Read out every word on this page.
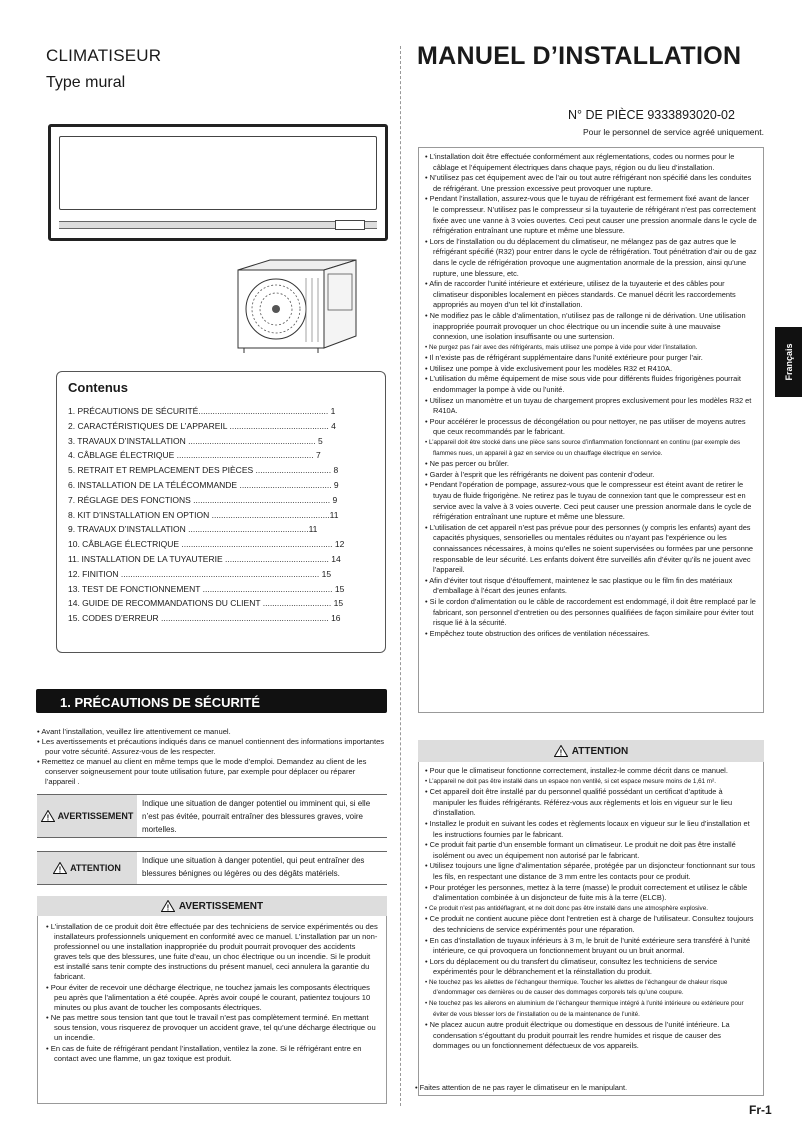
CLIMATISEUR
Type mural
MANUEL D’INSTALLATION
N° DE PIÈCE 9333893020-02
Pour le personnel de service agréé uniquement.
Contenus
1. PRÉCAUTIONS DE SÉCURITÉ....................................................... 1
2. CARACTÉRISTIQUES DE L’APPAREIL .......................................... 4
3. TRAVAUX D’INSTALLATION ...................................................... 5
4. CÂBLAGE ÉLECTRIQUE .......................................................... 7
5. RETRAIT ET REMPLACEMENT DES PIÈCES ................................ 8
6. INSTALLATION DE LA TÉLÉCOMMANDE ....................................... 9
7. RÉGLAGE DES FONCTIONS .......................................................... 9
8. KIT D’INSTALLATION EN OPTION ..................................................11
9. TRAVAUX D’INSTALLATION ...................................................11
10. CÂBLAGE ÉLECTRIQUE ................................................................ 12
11. INSTALLATION DE LA TUYAUTERIE ............................................ 14
12. FINITION .................................................................................... 15
13. TEST DE FONCTIONNEMENT ....................................................... 15
14. GUIDE DE RECOMMANDATIONS DU CLIENT ............................. 15
15. CODES D’ERREUR ....................................................................... 16
1. PRÉCAUTIONS DE SÉCURITÉ

• Avant l’installation, veuillez lire attentivement ce manuel.

• Les avertissements et précautions indiqués dans ce manuel contiennent des informations importantes pour votre sécurité. Assurez-vous de les respecter.

• Remettez ce manuel au client en même temps que le mode d’emploi. Demandez au client de les conserver soigneusement pour toute utilisation future, par exemple pour déplacer ou réparer l’appareil .

! AVERTISSEMENT
Indique une situation de danger potentiel ou imminent qui, si elle n’est pas évitée, pourrait entraîner des blessures graves, voire mortelles.
! ATTENTION
Indique une situation à danger potentiel, qui peut entraîner des blessures bénignes ou légères ou des dégâts matériels.
! AVERTISSEMENT

• L’installation de ce produit doit être effectuée par des techniciens de service expérimentés ou des installateurs professionnels uniquement en conformité avec ce manuel. L’installation par un non-professionnel ou une installation inappropriée du produit pourrait provoquer des accidents graves tels que des blessures, une fuite d’eau, un choc électrique ou un incendie. Si le produit est installé sans tenir compte des instructions du présent manuel, ceci annulera la garantie du fabricant.

• Pour éviter de recevoir une décharge électrique, ne touchez jamais les composants électriques peu après que l’alimentation a été coupée. Après avoir coupé le courant, patientez toujours 10 minutes ou plus avant de toucher les composants électriques.

• Ne pas mettre sous tension tant que tout le travail n’est pas complètement terminé. En mettant sous tension, vous risquerez de provoquer un accident grave, tel qu’une décharge électrique ou un incendie.

• En cas de fuite de réfrigérant pendant l’installation, ventilez la zone. Si le réfrigérant entre en contact avec une flamme, un gaz toxique est produit.

• L’installation doit être effectuée conformément aux réglementations, codes ou normes pour le câblage et l’équipement électriques dans chaque pays, région ou du lieu d’installation.

• N’utilisez pas cet équipement avec de l’air ou tout autre réfrigérant non spécifié dans les conduites de réfrigérant. Une pression excessive peut provoquer une rupture.

• Pendant l’installation, assurez-vous que le tuyau de réfrigérant est fermement fixé avant de lancer le compresseur. N’utilisez pas le compresseur si la tuyauterie de réfrigérant n’est pas correctement fixée avec une vanne à 3 voies ouvertes. Ceci peut causer une pression anormale dans le cycle de réfrigération entraînant une rupture et même une blessure.

• Lors de l’installation ou du déplacement du climatiseur, ne mélangez pas de gaz autres que le réfrigérant spécifié (R32) pour entrer dans le cycle de réfrigération. Tout pénétration d’air ou de gaz dans le cycle de réfrigération provoque une augmentation anormale de la pression, ainsi qu’une rupture, une blessure, etc.

• Afin de raccorder l’unité intérieure et extérieure, utilisez de la tuyauterie et des câbles pour climatiseur disponibles localement en pièces standards. Ce manuel décrit les raccordements appropriés au moyen d’un tel kit d’installation.

• Ne modifiez pas le câble d’alimentation, n’utilisez pas de rallonge ni de dérivation. Une utilisation inappropriée pourrait provoquer un choc électrique ou un incendie suite à une mauvaise connexion, une isolation insuffisante ou une surtension.

• Ne purgez pas l’air avec des réfrigérants, mais utilisez une pompe à vide pour vider l’installation.

• Il n’existe pas de réfrigérant supplémentaire dans l’unité extérieure pour purger l’air.

• Utilisez une pompe à vide exclusivement pour les modèles R32 et R410A.

• L’utilisation du même équipement de mise sous vide pour différents fluides frigorigènes pourrait endommager la pompe à vide ou l’unité.

• Utilisez un manomètre et un tuyau de chargement propres exclusivement pour les modèles R32 et R410A.

• Pour accélérer le processus de décongélation ou pour nettoyer, ne pas utiliser de moyens autres que ceux recommandés par le fabricant.

• L’appareil doit être stocké dans une pièce sans source d’inflammation fonctionnant en continu (par exemple des flammes nues, un appareil à gaz en service ou un chauffage électrique en service.

• Ne pas percer ou brûler.

• Garder à l’esprit que les réfrigérants ne doivent pas contenir d’odeur.

• Pendant l’opération de pompage, assurez-vous que le compresseur est éteint avant de retirer le tuyau de fluide frigorigène. Ne retirez pas le tuyau de connexion tant que le compresseur est en service avec la valve à 3 voies ouverte. Ceci peut causer une pression anormale dans le cycle de réfrigération entraînant une rupture et même une blessure.

• L’utilisation de cet appareil n’est pas prévue pour des personnes (y compris les enfants) ayant des capacités physiques, sensorielles ou mentales réduites ou n’ayant pas l’expérience ou les connaissances nécessaires, à moins qu’elles ne soient supervisées ou formées par une personne responsable de leur sécurité. Les enfants doivent être surveillés afin d’éviter qu’ils ne jouent avec l’appareil.

• Afin d’éviter tout risque d’étouffement, maintenez le sac plastique ou le film fin des matériaux d’emballage à l’écart des jeunes enfants.

• Si le cordon d’alimentation ou le câble de raccordement est endommagé, il doit être remplacé par le fabricant, son personnel d’entretien ou des personnes qualifiées de façon similaire pour éviter tout risque lié à la sécurité.

• Empêchez toute obstruction des orifices de ventilation nécessaires.

! ATTENTION

• Pour que le climatiseur fonctionne correctement, installez-le comme décrit dans ce manuel.

• L’appareil ne doit pas être installé dans un espace non ventilé, si cet espace mesure moins de 1,61 m².

• Cet appareil doit être installé par du personnel qualifié possédant un certificat d’aptitude à manipuler les fluides réfrigérants. Référez-vous aux règlements et lois en vigueur sur le lieu d’installation.

• Installez le produit en suivant les codes et règlements locaux en vigueur sur le lieu d’installation et les instructions fournies par le fabricant.

• Ce produit fait partie d’un ensemble formant un climatiseur. Le produit ne doit pas être installé isolément ou avec un équipement non autorisé par le fabricant.

• Utilisez toujours une ligne d’alimentation séparée, protégée par un disjoncteur fonctionnant sur tous les fils, en respectant une distance de 3 mm entre les contacts pour ce produit.

• Pour protéger les personnes, mettez à la terre (masse) le produit correctement et utilisez le câble d’alimentation combinée à un disjoncteur de fuite mis à la terre (ELCB).

• Ce produit n’est pas antidéflagrant, et ne doit donc pas être installé dans une atmosphère explosive.

• Ce produit ne contient aucune pièce dont l’entretien est à charge de l’utilisateur. Consultez toujours des techniciens de service expérimentés pour une réparation.

• En cas d’installation de tuyaux inférieurs à 3 m, le bruit de l’unité extérieure sera transféré à l’unité intérieure, ce qui provoquera un fonctionnement bruyant ou un bruit anormal.

• Lors du déplacement ou du transfert du climatiseur, consultez les techniciens de service expérimentés pour le débranchement et la réinstallation du produit.

• Ne touchez pas les ailettes de l’échangeur thermique. Toucher les ailettes de l’échangeur de chaleur risque d’endommager ces dernières ou de causer des dommages corporels tels qu’une coupure.

• Ne touchez pas les ailerons en aluminium de l’échangeur thermique intégré à l’unité intérieure ou extérieure pour éviter de vous blesser lors de l’installation ou de la maintenance de l’unité.

• Ne placez aucun autre produit électrique ou domestique en dessous de l’unité intérieure. La condensation s’égouttant du produit pourrait les rendre humides et risque de causer des dommages ou un fonctionnement défectueux de vos appareils.

• Faites attention de ne pas rayer le climatiseur en le manipulant.
Français
Fr-1
